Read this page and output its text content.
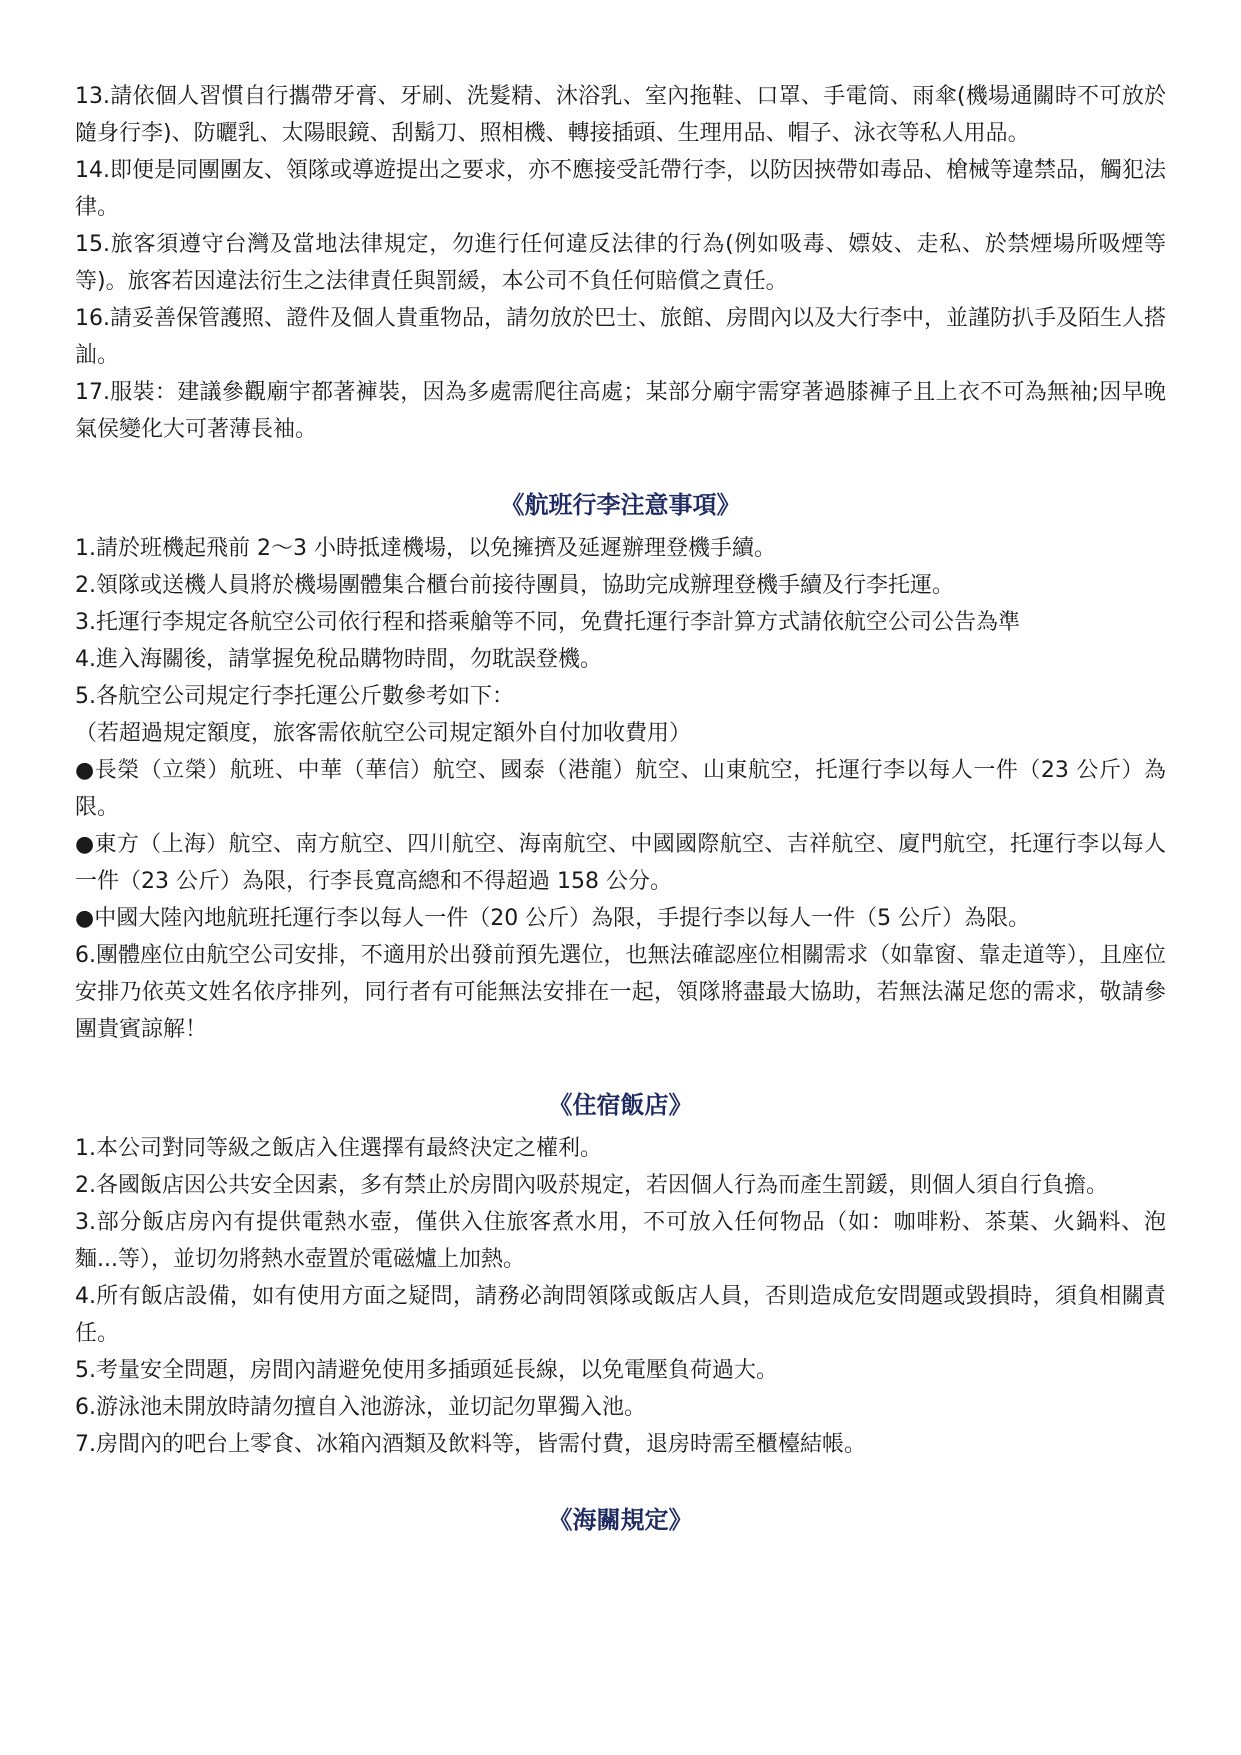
13.請依個人習慣自行攜帶牙膏、牙刷、洗髮精、沐浴乳、室內拖鞋、口罩、手電筒、雨傘(機場通關時不可放於隨身行李)、防曬乳、太陽眼鏡、刮鬍刀、照相機、轉接插頭、生理用品、帽子、泳衣等私人用品。

14.即便是同團團友、領隊或導遊提出之要求，亦不應接受託帶行李，以防因挾帶如毒品、槍械等違禁品，觸犯法律。

15.旅客須遵守台灣及當地法律規定，勿進行任何違反法律的行為(例如吸毒、嫖妓、走私、於禁煙場所吸煙等等)。旅客若因違法衍生之法律責任與罰緩，本公司不負任何賠償之責任。

16.請妥善保管護照、證件及個人貴重物品，請勿放於巴士、旅館、房間內以及大行李中，並謹防扒手及陌生人搭訕。

17.服裝：建議參觀廟宇都著褲裝，因為多處需爬往高處；某部分廟宇需穿著過膝褲子且上衣不可為無袖;因早晚氣侯變化大可著薄長袖。

《航班行李注意事項》

1.請於班機起飛前 2～3 小時抵達機場，以免擁擠及延遲辦理登機手續。

2.領隊或送機人員將於機場團體集合櫃台前接待團員，協助完成辦理登機手續及行李托運。

3.托運行李規定各航空公司依行程和搭乘艙等不同，免費托運行李計算方式請依航空公司公告為準

4.進入海關後，請掌握免稅品購物時間，勿耽誤登機。

5.各航空公司規定行李托運公斤數參考如下：

（若超過規定額度，旅客需依航空公司規定額外自付加收費用）

●長榮（立榮）航班、中華（華信）航空、國泰（港龍）航空、山東航空，托運行李以每人一件（23 公斤）為限。

●東方（上海）航空、南方航空、四川航空、海南航空、中國國際航空、吉祥航空、廈門航空，托運行李以每人一件（23 公斤）為限，行李長寬高總和不得超過 158 公分。

●中國大陸內地航班托運行李以每人一件（20 公斤）為限，手提行李以每人一件（5 公斤）為限。

6.團體座位由航空公司安排，不適用於出發前預先選位，也無法確認座位相關需求（如靠窗、靠走道等），且座位安排乃依英文姓名依序排列，同行者有可能無法安排在一起，領隊將盡最大協助，若無法滿足您的需求，敬請參團貴賓諒解！

《住宿飯店》

1.本公司對同等級之飯店入住選擇有最終決定之權利。

2.各國飯店因公共安全因素，多有禁止於房間內吸菸規定，若因個人行為而產生罰鍰，則個人須自行負擔。

3.部分飯店房內有提供電熱水壺，僅供入住旅客煮水用，不可放入任何物品（如：咖啡粉、茶葉、火鍋料、泡麵...等），並切勿將熱水壺置於電磁爐上加熱。

4.所有飯店設備，如有使用方面之疑問，請務必詢問領隊或飯店人員，否則造成危安問題或毀損時，須負相關責任。

5.考量安全問題，房間內請避免使用多插頭延長線，以免電壓負荷過大。

6.游泳池未開放時請勿擅自入池游泳，並切記勿單獨入池。

7.房間內的吧台上零食、冰箱內酒類及飲料等，皆需付費，退房時需至櫃檯結帳。

《海關規定》
